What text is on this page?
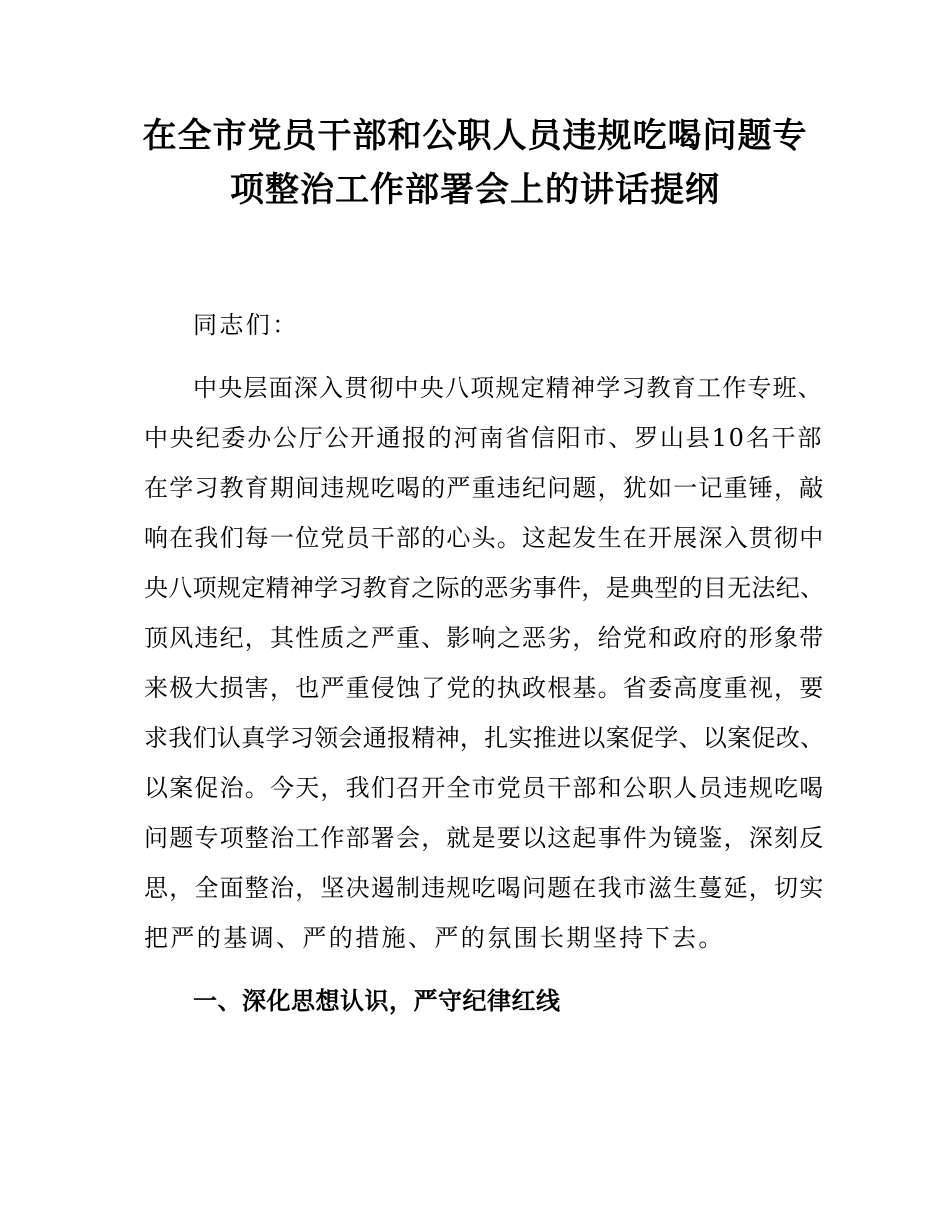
在全市党员干部和公职人员违规吃喝问题专
项整治工作部署会上的讲话提纲
同志们：
中央层面深入贯彻中央八项规定精神学习教育工作专班、
中央纪委办公厅公开通报的河南省信阳市、罗山县10名干部
在学习教育期间违规吃喝的严重违纪问题，犹如一记重锤，敲
响在我们每一位党员干部的心头。这起发生在开展深入贯彻中
央八项规定精神学习教育之际的恶劣事件，是典型的目无法纪、
顶风违纪，其性质之严重、影响之恶劣，给党和政府的形象带
来极大损害，也严重侵蚀了党的执政根基。省委高度重视，要
求我们认真学习领会通报精神，扎实推进以案促学、以案促改、
以案促治。今天，我们召开全市党员干部和公职人员违规吃喝
问题专项整治工作部署会，就是要以这起事件为镜鉴，深刻反
思，全面整治，坚决遏制违规吃喝问题在我市滋生蔓延，切实
把严的基调、严的措施、严的氛围长期坚持下去。
一、深化思想认识，严守纪律红线
